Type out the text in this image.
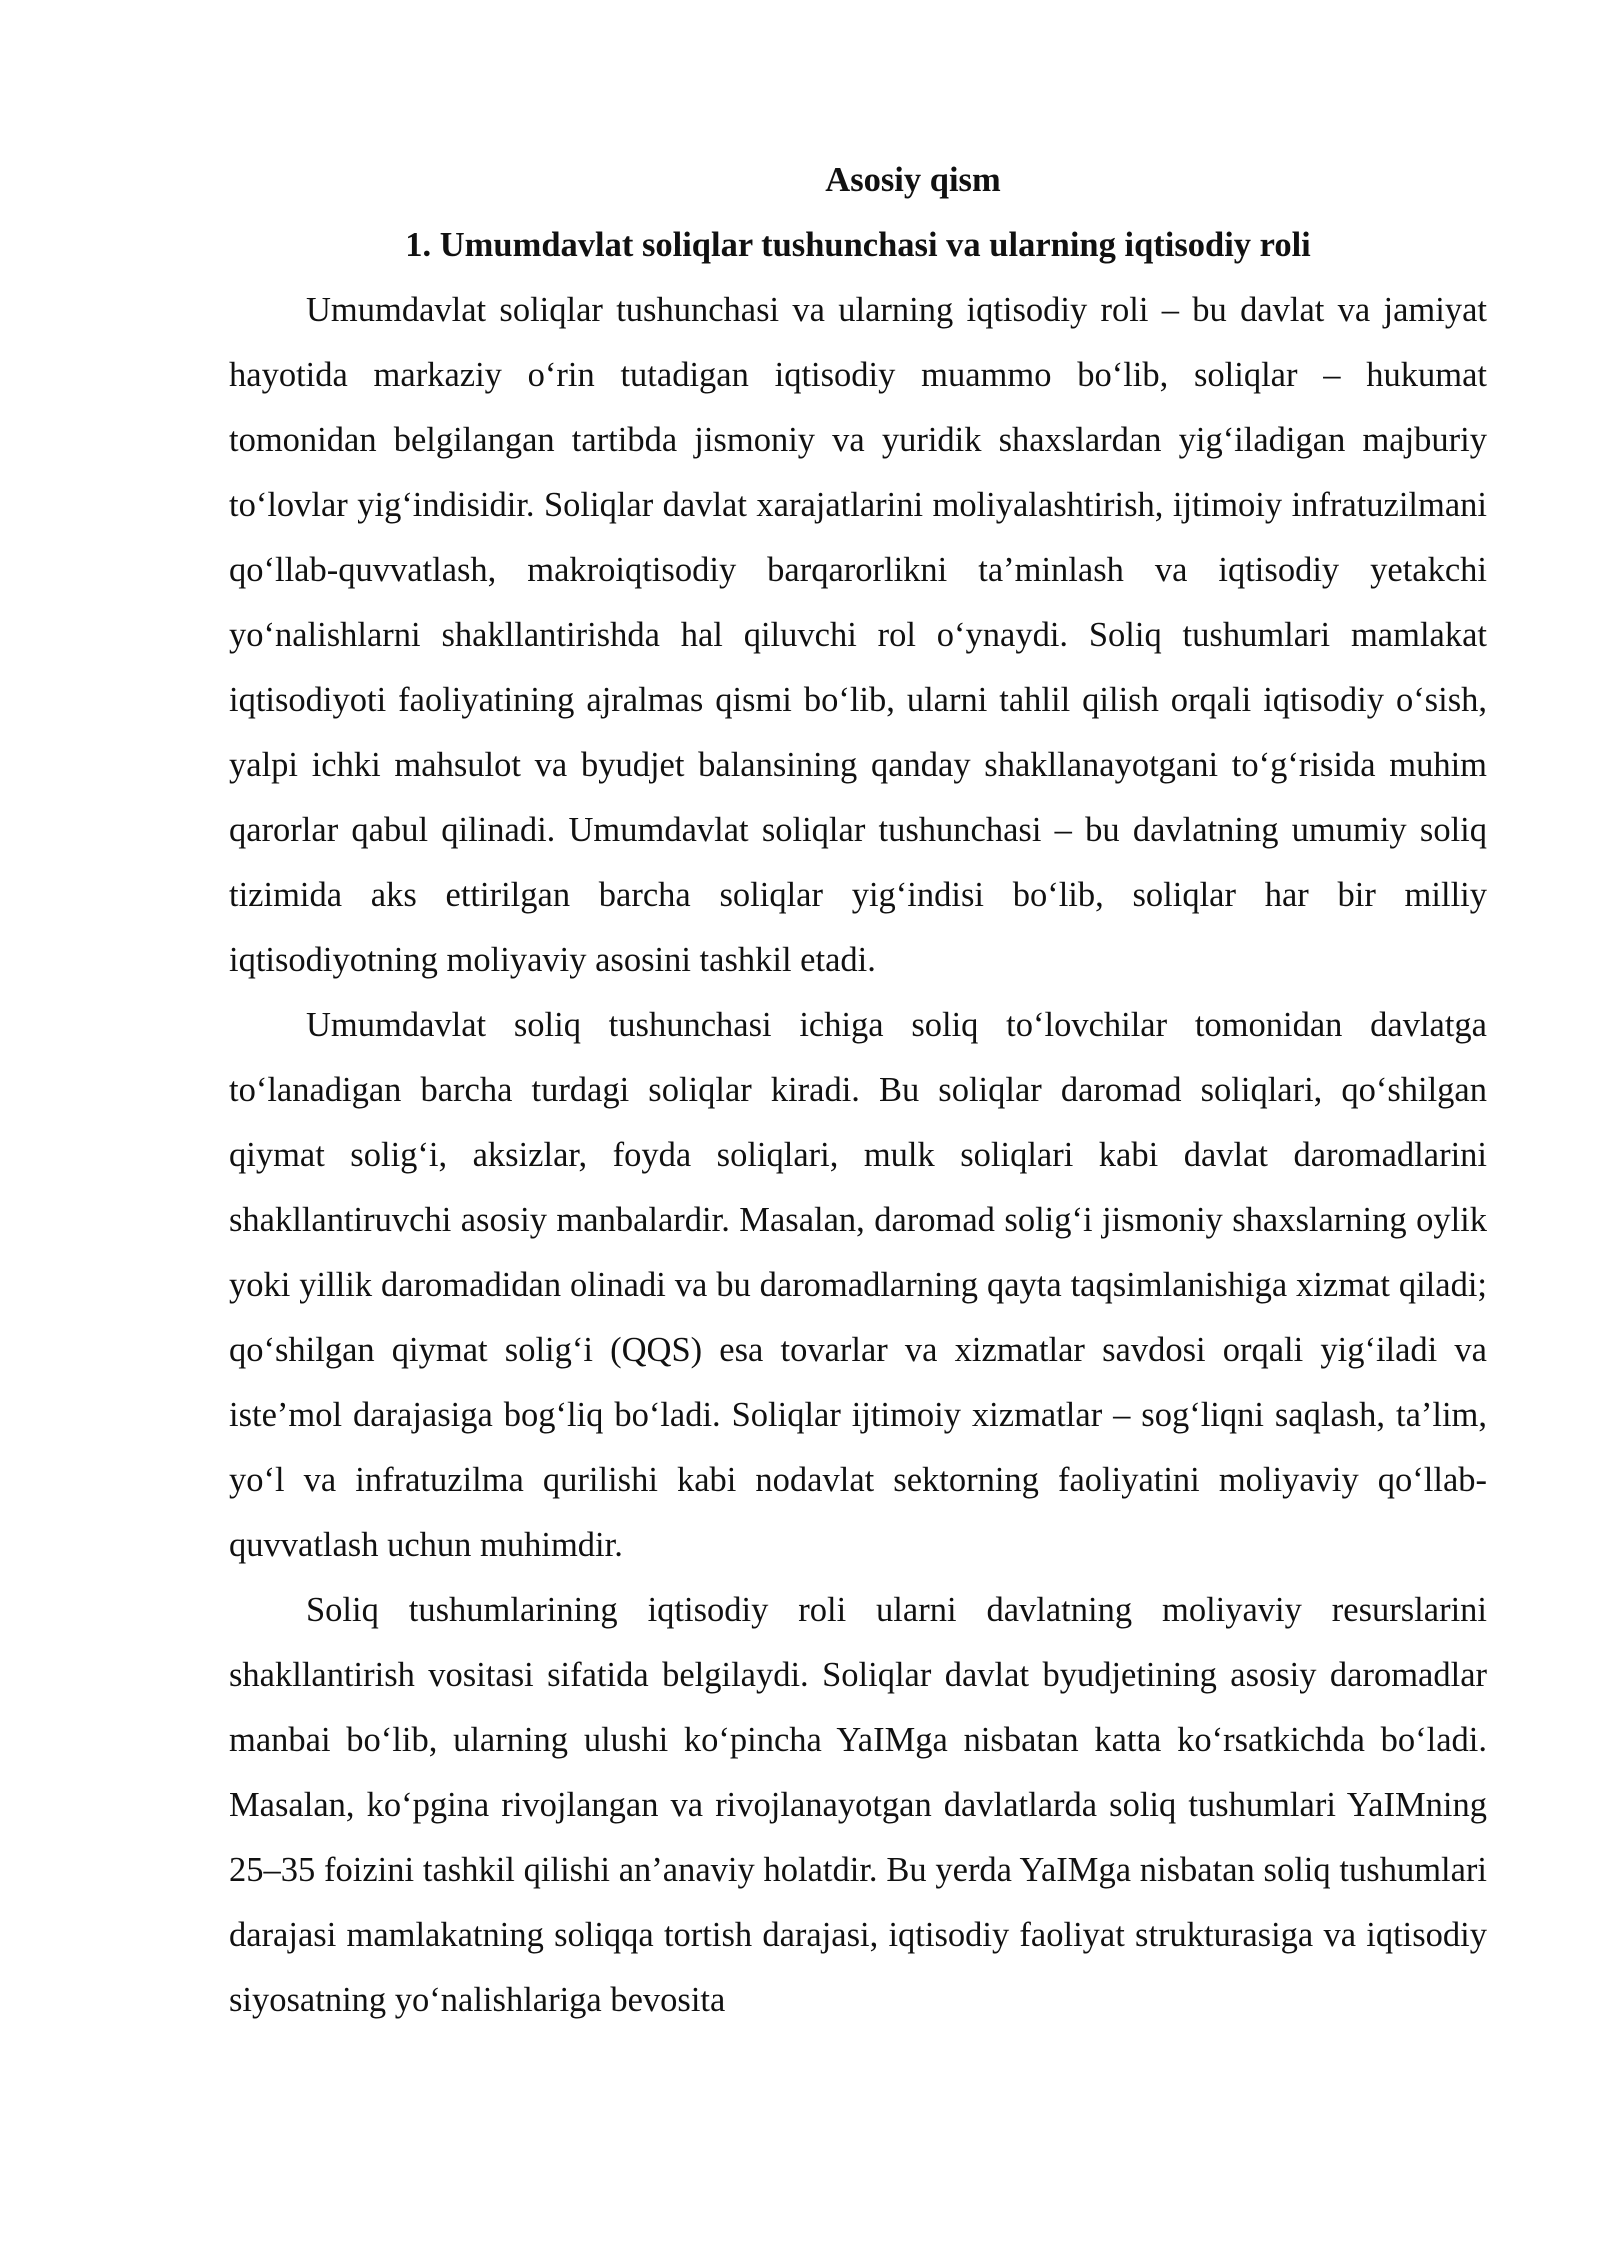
Asosiy qism

1. Umumdavlat soliqlar tushunchasi va ularning iqtisodiy roli

Umumdavlat soliqlar tushunchasi va ularning iqtisodiy roli – bu davlat va jamiyat hayotida markaziy o‘rin tutadigan iqtisodiy muammo bo‘lib, soliqlar – hukumat tomonidan belgilangan tartibda jismoniy va yuridik shaxslardan yig‘iladigan majburiy to‘lovlar yig‘indisidir. Soliqlar davlat xarajatlarini moliyalashtirish, ijtimoiy infratuzilmani qo‘llab-quvvatlash, makroiqtisodiy barqarorlikni ta’minlash va iqtisodiy yetakchi yo‘nalishlarni shakllantirishda hal qiluvchi rol o‘ynaydi. Soliq tushumlari mamlakat iqtisodiyoti faoliyatining ajralmas qismi bo‘lib, ularni tahlil qilish orqali iqtisodiy o‘sish, yalpi ichki mahsulot va byudjet balansining qanday shakllanayotgani to‘g‘risida muhim qarorlar qabul qilinadi. Umumdavlat soliqlar tushunchasi – bu davlatning umumiy soliq tizimida aks ettirilgan barcha soliqlar yig‘indisi bo‘lib, soliqlar har bir milliy iqtisodiyotning moliyaviy asosini tashkil etadi.

Umumdavlat soliq tushunchasi ichiga soliq to‘lovchilar tomonidan davlatga to‘lanadigan barcha turdagi soliqlar kiradi. Bu soliqlar daromad soliqlari, qo‘shilgan qiymat solig‘i, aksizlar, foyda soliqlari, mulk soliqlari kabi davlat daromadlarini shakllantiruvchi asosiy manbalardir. Masalan, daromad solig‘i jismoniy shaxslarning oylik yoki yillik daromadidan olinadi va bu daromadlarning qayta taqsimlanishiga xizmat qiladi; qo‘shilgan qiymat solig‘i (QQS) esa tovarlar va xizmatlar savdosi orqali yig‘iladi va iste’mol darajasiga bog‘liq bo‘ladi. Soliqlar ijtimoiy xizmatlar – sog‘liqni saqlash, ta’lim, yo‘l va infratuzilma qurilishi kabi nodavlat sektorning faoliyatini moliyaviy qo‘llab-quvvatlash uchun muhimdir.

Soliq tushumlarining iqtisodiy roli ularni davlatning moliyaviy resurslarini shakllantirish vositasi sifatida belgilaydi. Soliqlar davlat byudjetining asosiy daromadlar manbai bo‘lib, ularning ulushi ko‘pincha YaIMga nisbatan katta ko‘rsatkichda bo‘ladi. Masalan, ko‘pgina rivojlangan va rivojlanayotgan davlatlarda soliq tushumlari YaIMning 25–35 foizini tashkil qilishi an’anaviy holatdir. Bu yerda YaIMga nisbatan soliq tushumlari darajasi mamlakatning soliqqa tortish darajasi, iqtisodiy faoliyat strukturasiga va iqtisodiy siyosatning yo‘nalishlariga bevosita
